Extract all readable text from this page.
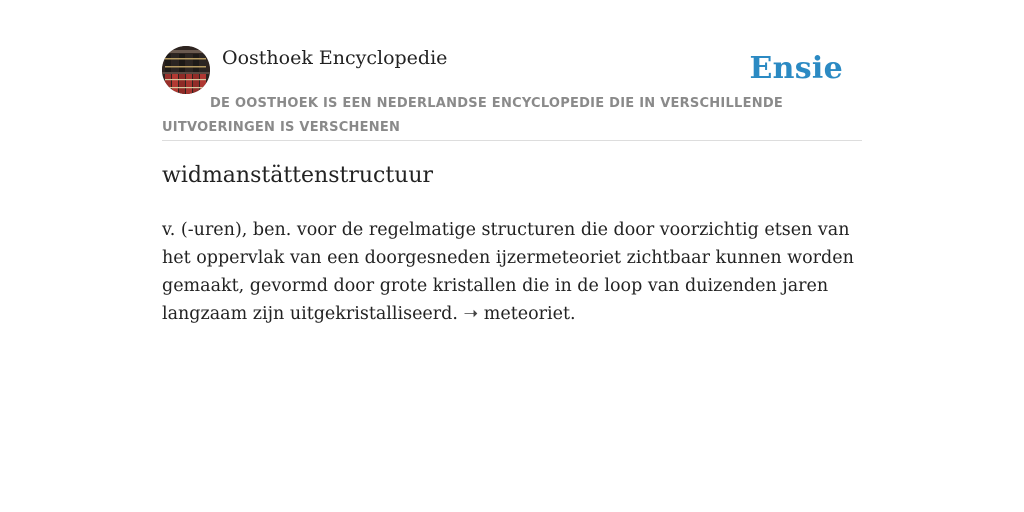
Oosthoek Encyclopedie	Ensie
DE OOSTHOEK IS EEN NEDERLANDSE ENCYCLOPEDIE DIE IN VERSCHILLENDE UITVOERINGEN IS VERSCHENEN
widmanstättenstructuur

v. (-uren), ben. voor de regelmatige structuren die door voorzichtig etsen van het oppervlak van een doorgesneden ijzermeteoriet zichtbaar kunnen worden gemaakt, gevormd door grote kristallen die in de loop van duizenden jaren langzaam zijn uitgekristalliseerd. ➝ meteoriet.
